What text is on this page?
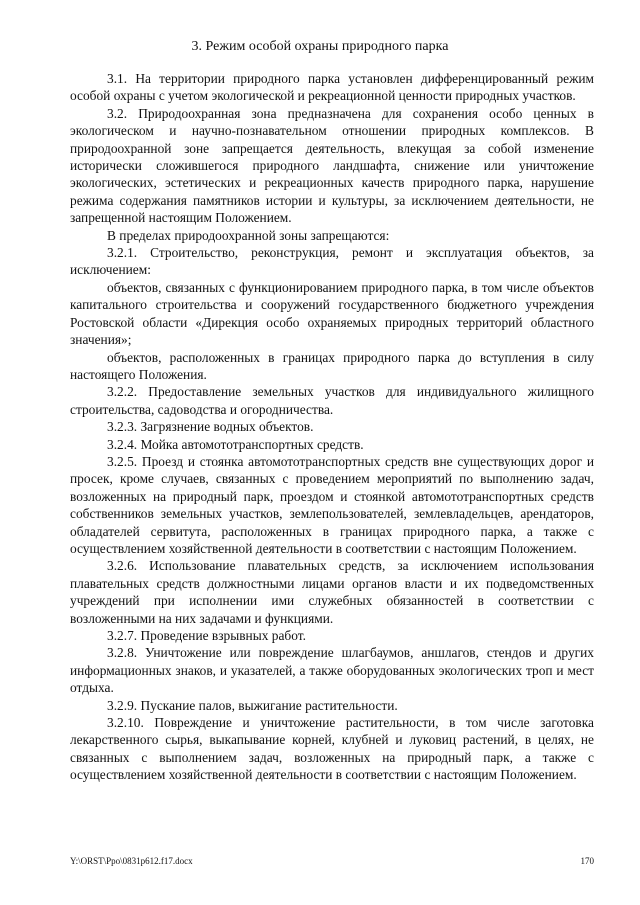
3. Режим особой охраны природного парка

3.1. На территории природного парка установлен дифференцированный режим особой охраны с учетом экологической и рекреационной ценности природных участков.

3.2. Природоохранная зона предназначена для сохранения особо ценных в экологическом и научно-познавательном отношении природных комплексов. В природоохранной зоне запрещается деятельность, влекущая за собой изменение исторически сложившегося природного ландшафта, снижение или уничтожение экологических, эстетических и рекреационных качеств природного парка, нарушение режима содержания памятников истории и культуры, за исключением деятельности, не запрещенной настоящим Положением.

В пределах природоохранной зоны запрещаются:

3.2.1. Строительство, реконструкция, ремонт и эксплуатация объектов, за исключением:

объектов, связанных с функционированием природного парка, в том числе объектов капитального строительства и сооружений государственного бюджетного учреждения Ростовской области «Дирекция особо охраняемых природных территорий областного значения»;

объектов, расположенных в границах природного парка до вступления в силу настоящего Положения.

3.2.2. Предоставление земельных участков для индивидуального жилищного строительства, садоводства и огородничества.

3.2.3. Загрязнение водных объектов.

3.2.4. Мойка автомототранспортных средств.

3.2.5. Проезд и стоянка автомототранспортных средств вне существующих дорог и просек, кроме случаев, связанных с проведением мероприятий по выполнению задач, возложенных на природный парк, проездом и стоянкой автомототранспортных средств собственников земельных участков, землепользователей, землевладельцев, арендаторов, обладателей сервитута, расположенных в границах природного парка, а также с осуществлением хозяйственной деятельности в соответствии с настоящим Положением.

3.2.6. Использование плавательных средств, за исключением использования плавательных средств должностными лицами органов власти и их подведомственных учреждений при исполнении ими служебных обязанностей в соответствии с возложенными на них задачами и функциями.

3.2.7. Проведение взрывных работ.

3.2.8. Уничтожение или повреждение шлагбаумов, аншлагов, стендов и других информационных знаков, и указателей, а также оборудованных экологических троп и мест отдыха.

3.2.9. Пускание палов, выжигание растительности.

3.2.10. Повреждение и уничтожение растительности, в том числе заготовка лекарственного сырья, выкапывание корней, клубней и луковиц растений, в целях, не связанных с выполнением задач, возложенных на природный парк, а также с осуществлением хозяйственной деятельности в соответствии с настоящим Положением.

Y:\ORST\Ppo\0831p612.f17.docx	170
